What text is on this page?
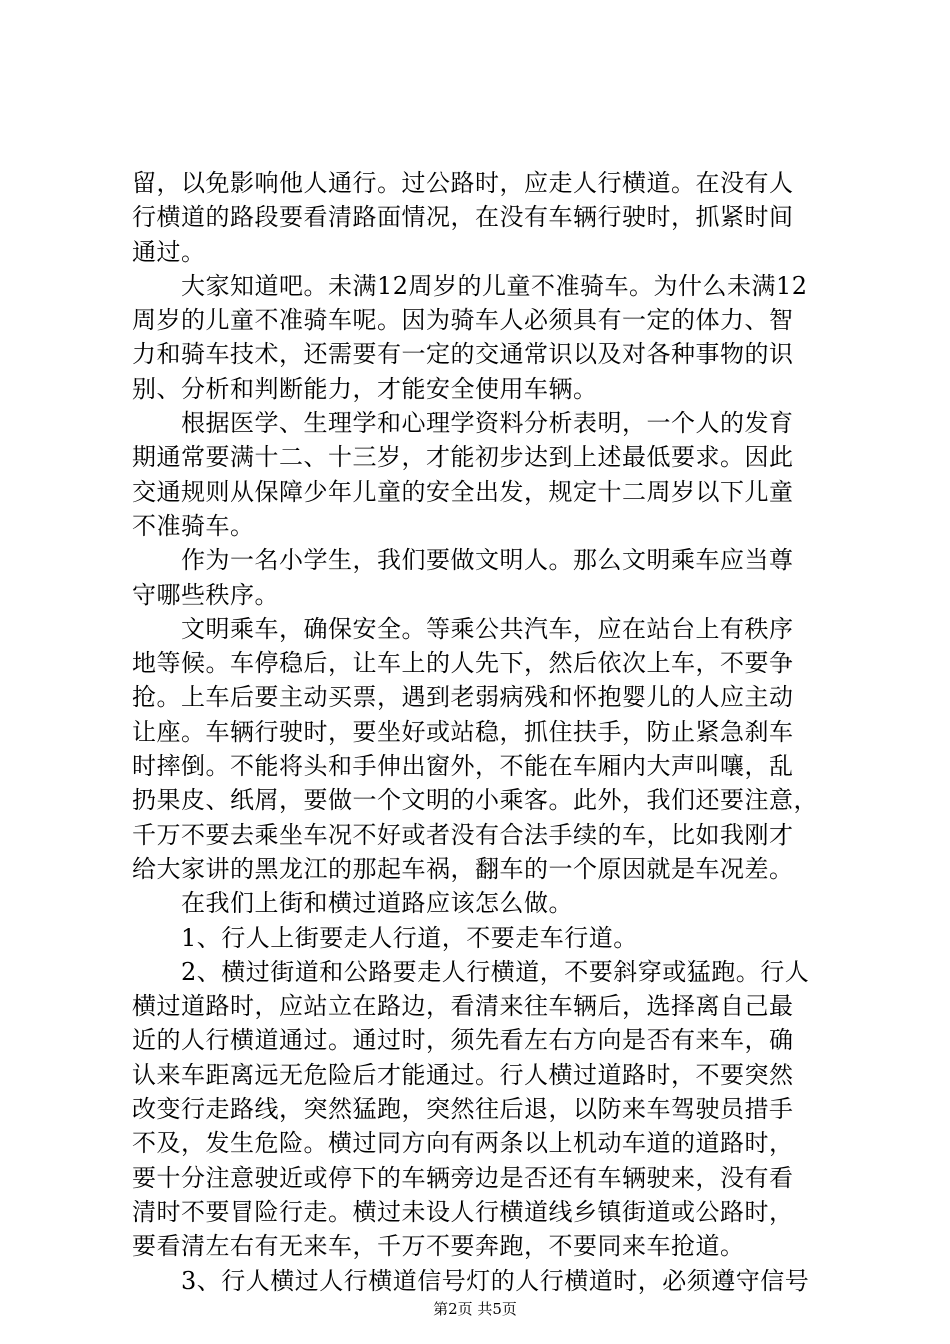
留，以免影响他人通行。过公路时，应走人行横道。在没有人
行横道的路段要看清路面情况，在没有车辆行驶时，抓紧时间
通过。

大家知道吧。未满12周岁的儿童不准骑车。为什么未满12
周岁的儿童不准骑车呢。因为骑车人必须具有一定的体力、智
力和骑车技术，还需要有一定的交通常识以及对各种事物的识
别、分析和判断能力，才能安全使用车辆。

根据医学、生理学和心理学资料分析表明，一个人的发育
期通常要满十二、十三岁，才能初步达到上述最低要求。因此
交通规则从保障少年儿童的安全出发，规定十二周岁以下儿童
不准骑车。

作为一名小学生，我们要做文明人。那么文明乘车应当尊
守哪些秩序。

文明乘车，确保安全。等乘公共汽车，应在站台上有秩序
地等候。车停稳后，让车上的人先下，然后依次上车，不要争
抢。上车后要主动买票，遇到老弱病残和怀抱婴儿的人应主动
让座。车辆行驶时，要坐好或站稳，抓住扶手，防止紧急刹车
时摔倒。不能将头和手伸出窗外，不能在车厢内大声叫嚷，乱
扔果皮、纸屑，要做一个文明的小乘客。此外，我们还要注意，
千万不要去乘坐车况不好或者没有合法手续的车，比如我刚才
给大家讲的黑龙江的那起车祸，翻车的一个原因就是车况差。

在我们上街和横过道路应该怎么做。

1、行人上街要走人行道，不要走车行道。

2、横过街道和公路要走人行横道，不要斜穿或猛跑。行人
横过道路时，应站立在路边，看清来往车辆后，选择离自己最
近的人行横道通过。通过时，须先看左右方向是否有来车，确
认来车距离远无危险后才能通过。行人横过道路时，不要突然
改变行走路线，突然猛跑，突然往后退，以防来车驾驶员措手
不及，发生危险。横过同方向有两条以上机动车道的道路时，
要十分注意驶近或停下的车辆旁边是否还有车辆驶来，没有看
清时不要冒险行走。横过未设人行横道线乡镇街道或公路时，
要看清左右有无来车，千万不要奔跑，不要同来车抢道。

3、行人横过人行横道信号灯的人行横道时，必须遵守信号

第2页 共5页
